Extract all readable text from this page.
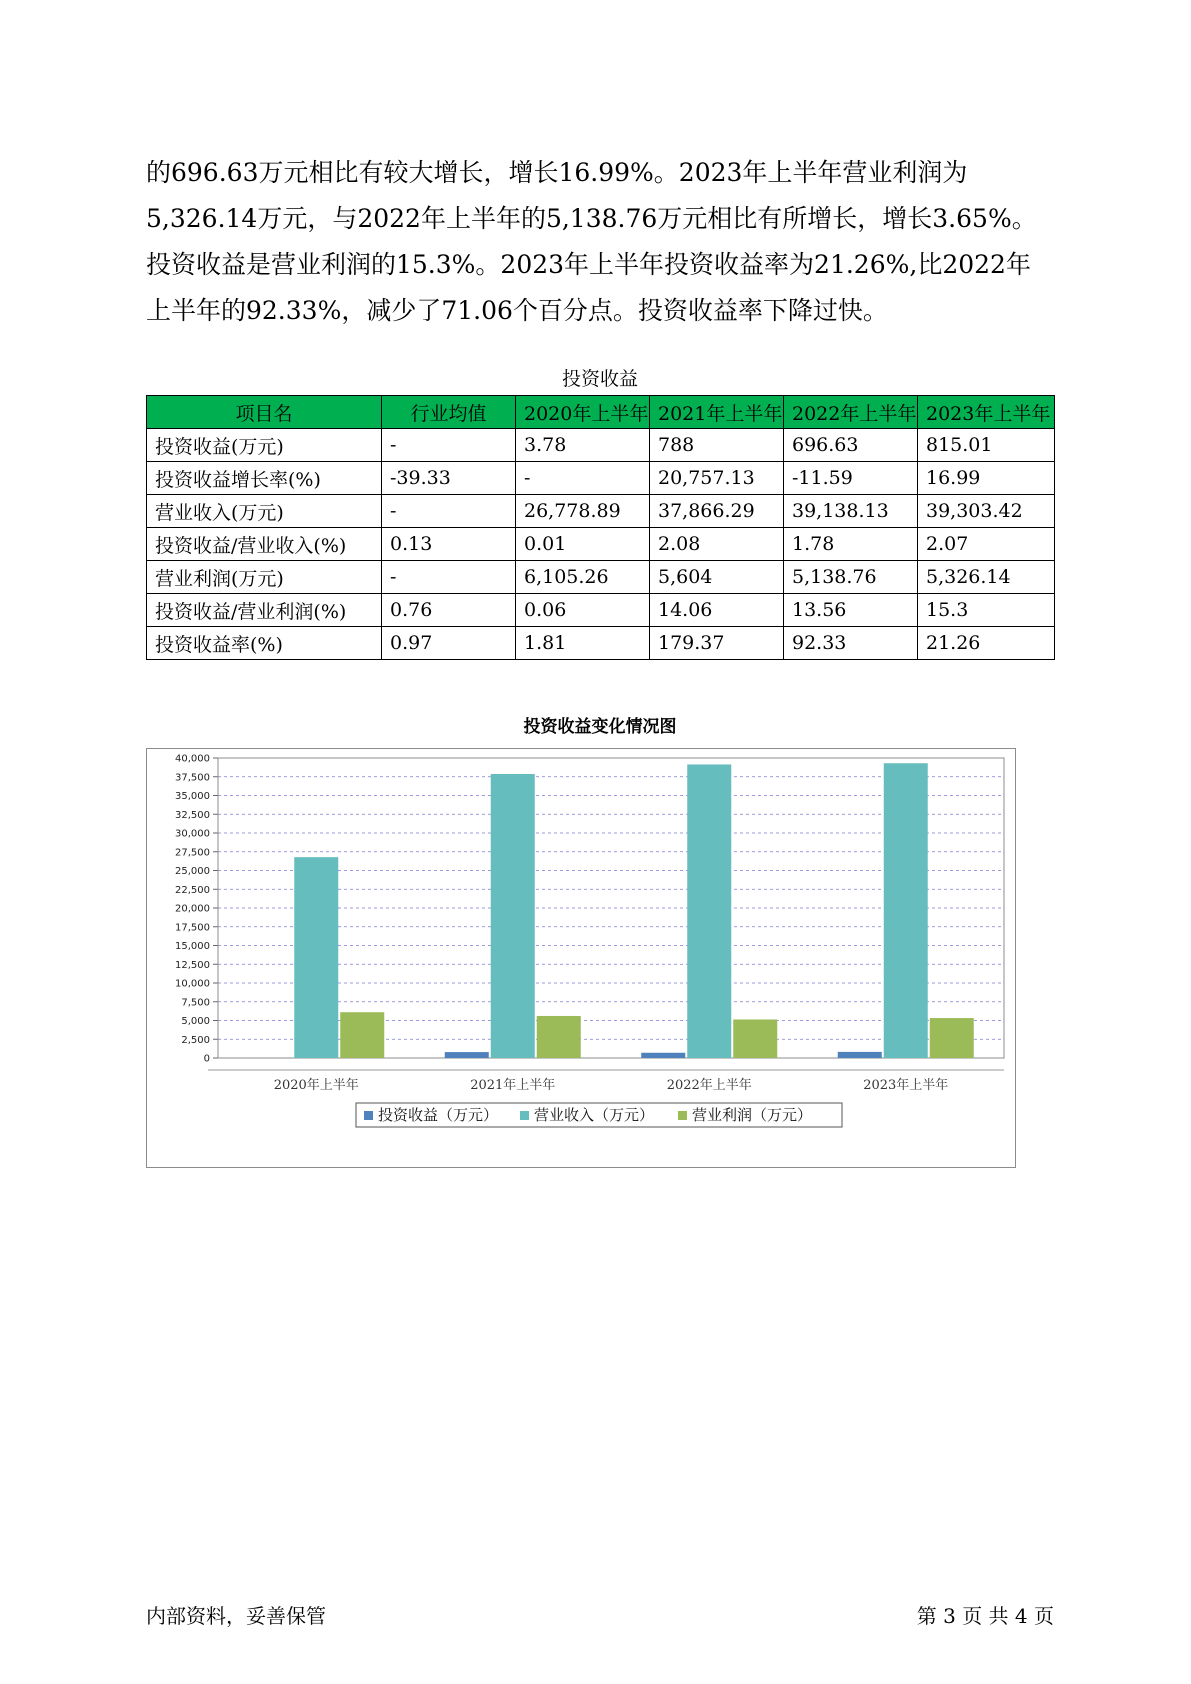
的696.63万元相比有较大增长，增长16.99%。2023年上半年营业利润为

5,326.14万元，与2022年上半年的5,138.76万元相比有所增长，增长3.65%。

投资收益是营业利润的15.3%。2023年上半年投资收益率为21.26%,比2022年

上半年的92.33%，减少了71.06个百分点。投资收益率下降过快。

投资收益
项目名	行业均值	2020年上半年	2021年上半年	2022年上半年	2023年上半年
投资收益(万元)	-	3.78	788	696.63	815.01
投资收益增长率(%)	-39.33	-	20,757.13	-11.59	16.99
营业收入(万元)	-	26,778.89	37,866.29	39,138.13	39,303.42
投资收益/营业收入(%)	0.13	0.01	2.08	1.78	2.07
营业利润(万元)	-	6,105.26	5,604	5,138.76	5,326.14
投资收益/营业利润(%)	0.76	0.06	14.06	13.56	15.3
投资收益率(%)	0.97	1.81	179.37	92.33	21.26
投资收益变化情况图
0
2,500
5,000
7,500
10,000
12,500
15,000
17,500
20,000
22,500
25,000
27,500
30,000
32,500
35,000
37,500
40,000
2020年上半年	2021年上半年	2022年上半年	2023年上半年
投资收益（万元） 营业收入（万元）	营业利润（万元）
内部资料，妥善保管	第 3 页 共 4 页
